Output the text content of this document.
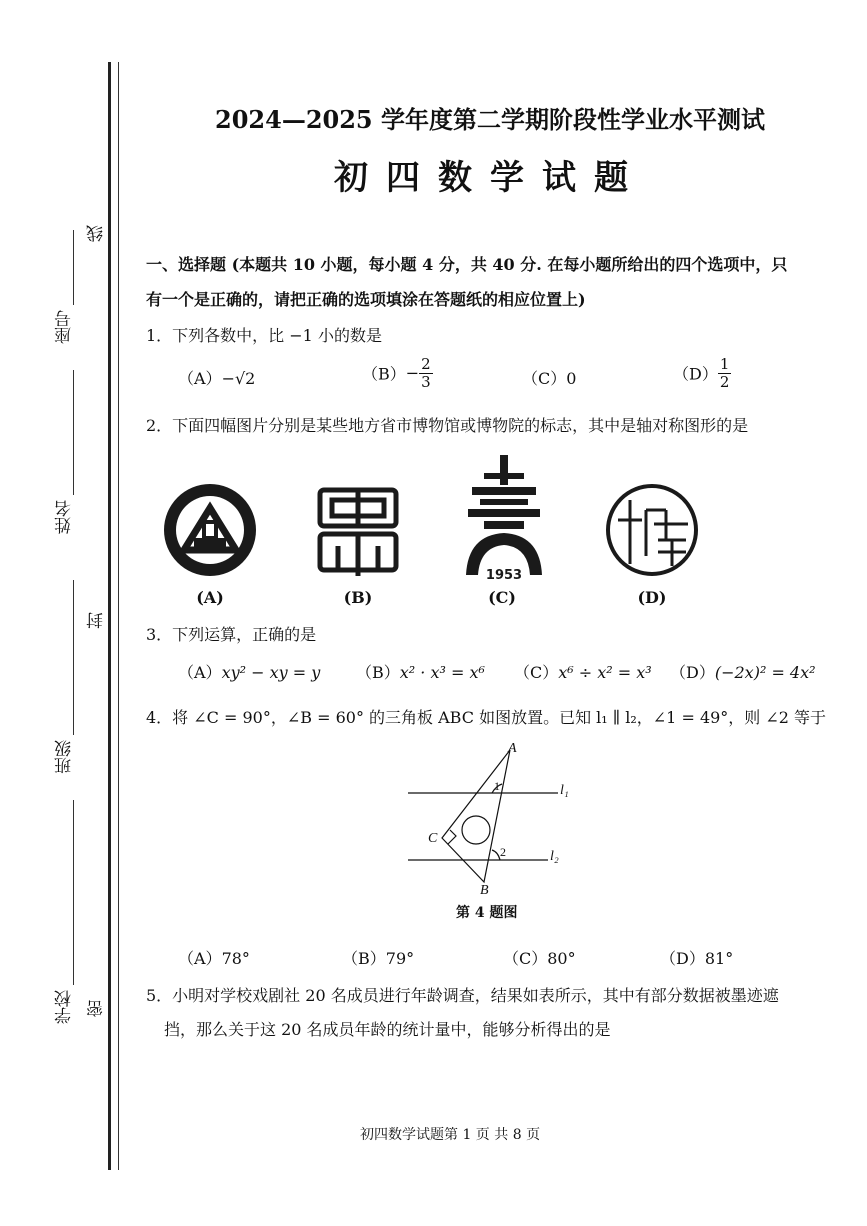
座号
姓名
班级
学校
线
封
密
2024—2025 学年度第二学期阶段性学业水平测试
初四数学试题
一、选择题 (本题共 10 小题，每小题 4 分，共 40 分. 在每小题所给出的四个选项中，只
有一个是正确的，请把正确的选项填涂在答题纸的相应位置上)
1．下列各数中，比 −1 小的数是
（A）−√2	$(B)- \frac{2}{3}$	（C）0	$(D) \frac{1}{2}$
2．下面四幅图片分别是某些地方省市博物馆或博物院的标志，其中是轴对称图形的是
(A)	(B)
1953
(C)	(D)
3．下列运算，正确的是
（A）xy² − xy = y （B）x² · x³ = x⁶ （C）x⁶ ÷ x² = x³ （D）(−2x)² = 4x²
4．将 ∠C = 90°，∠B = 60° 的三角板 ABC 如图放置。已知 l₁ ∥ l₂，∠1 = 49°，则 ∠2 等于
A
B
C
l₁
l₂
1
2
第 4 题图
（A）78°	（B）79°	（C）80°	（D）81°
5．小明对学校戏剧社 20 名成员进行年龄调查，结果如表所示，其中有部分数据被墨迹遮
挡，那么关于这 20 名成员年龄的统计量中，能够分析得出的是
初四数学试题第 1 页 共 8 页
